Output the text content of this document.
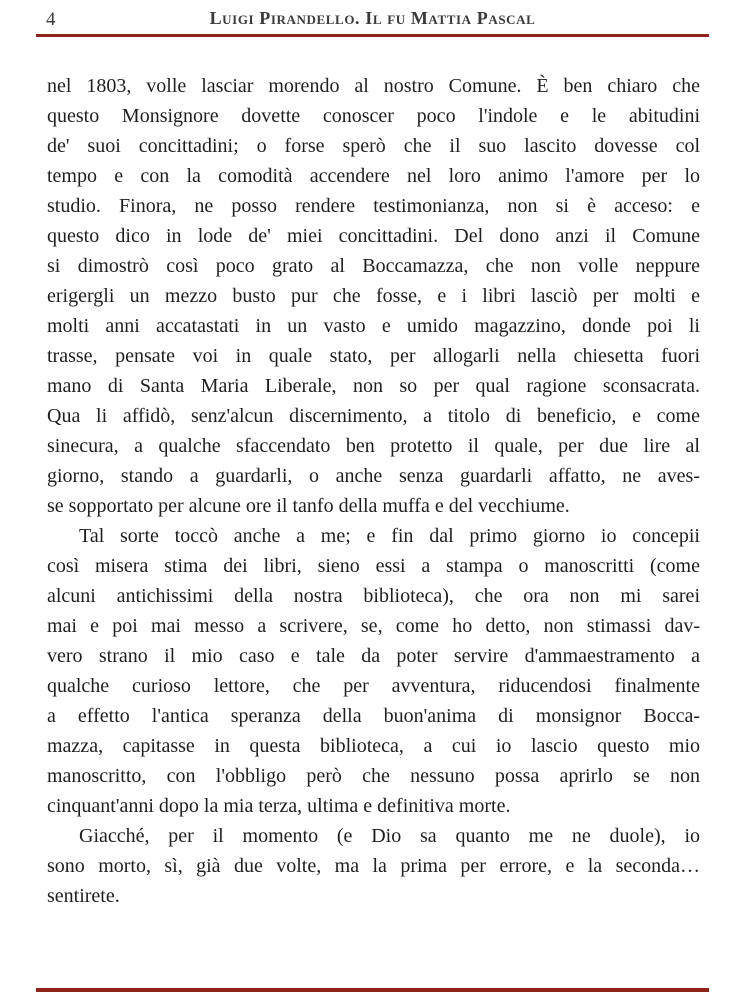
4	Luigi Pirandello. Il fu Mattia Pascal

nel 1803, volle lasciar morendo al nostro Comune. È ben chiaro che
questo Monsignore dovette conoscer poco l'indole e le abitudini
de' suoi concittadini; o forse sperò che il suo lascito dovesse col
tempo e con la comodità accendere nel loro animo l'amore per lo
studio. Finora, ne posso rendere testimonianza, non si è acceso: e
questo dico in lode de' miei concittadini. Del dono anzi il Comune
si dimostrò così poco grato al Boccamazza, che non volle neppure
erigergli un mezzo busto pur che fosse, e i libri lasciò per molti e
molti anni accatastati in un vasto e umido magazzino, donde poi li
trasse, pensate voi in quale stato, per allogarli nella chiesetta fuori
mano di Santa Maria Liberale, non so per qual ragione sconsacrata.
Qua li affidò, senz'alcun discernimento, a titolo di beneficio, e come
sinecura, a qualche sfaccendato ben protetto il quale, per due lire al
giorno, stando a guardarli, o anche senza guardarli affatto, ne aves-
se sopportato per alcune ore il tanfo della muffa e del vecchiume.

Tal sorte toccò anche a me; e fin dal primo giorno io concepii
così misera stima dei libri, sieno essi a stampa o manoscritti (come
alcuni antichissimi della nostra biblioteca), che ora non mi sarei
mai e poi mai messo a scrivere, se, come ho detto, non stimassi dav-
vero strano il mio caso e tale da poter servire d'ammaestramento a
qualche curioso lettore, che per avventura, riducendosi finalmente
a effetto l'antica speranza della buon'anima di monsignor Bocca-
mazza, capitasse in questa biblioteca, a cui io lascio questo mio
manoscritto, con l'obbligo però che nessuno possa aprirlo se non
cinquant'anni dopo la mia terza, ultima e definitiva morte.

Giacché, per il momento (e Dio sa quanto me ne duole), io
sono morto, sì, già due volte, ma la prima per errore, e la seconda…
sentirete.
